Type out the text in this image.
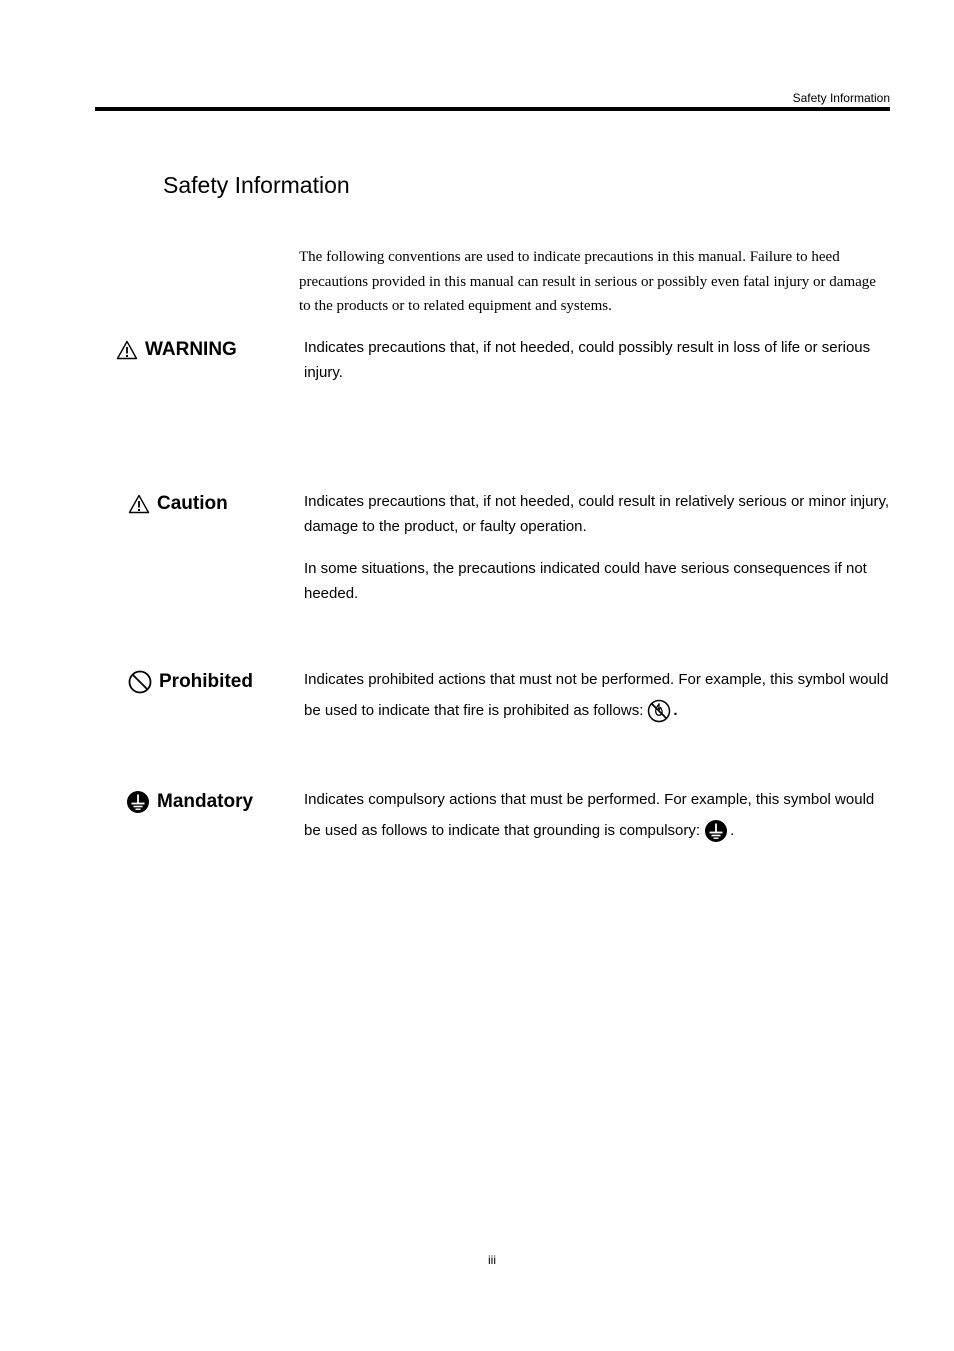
Safety Information
Safety Information

The following conventions are used to indicate precautions in this manual. Failure to heed precautions provided in this manual can result in serious or possibly even fatal injury or damage to the products or to related equipment and systems.

WARNING	Indicates precautions that, if not heeded, could possibly result in loss of life or serious injury.

Caution	Indicates precautions that, if not heeded, could result in relatively serious or minor injury, damage to the product, or faulty operation.

In some situations, the precautions indicated could have serious consequences if not heeded.

Prohibited	Indicates prohibited actions that must not be performed. For example, this symbol would be used to indicate that fire is prohibited as follows: .

Mandatory	Indicates compulsory actions that must be performed. For example, this symbol would be used as follows to indicate that grounding is compulsory: .

iii
